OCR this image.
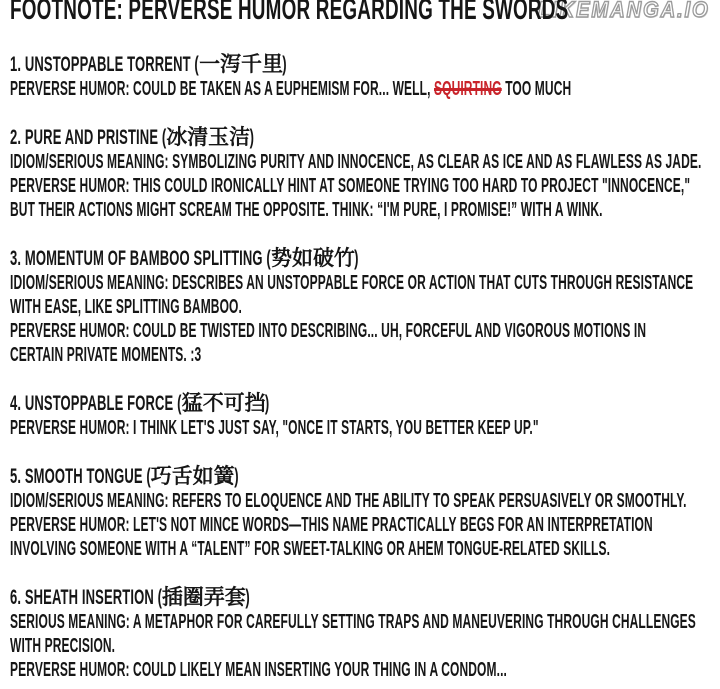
LIKEMANGA.IO
FOOTNOTE: PERVERSE HUMOR REGARDING THE SWORDS
1. UNSTOPPABLE TORRENT (一泻千里)
PERVERSE HUMOR: COULD BE TAKEN AS A EUPHEMISM FOR... WELL, SQUIRTING TOO MUCH
2. PURE AND PRISTINE (冰清玉洁)
IDIOM/SERIOUS MEANING: SYMBOLIZING PURITY AND INNOCENCE, AS CLEAR AS ICE AND AS FLAWLESS AS JADE.
PERVERSE HUMOR: THIS COULD IRONICALLY HINT AT SOMEONE TRYING TOO HARD TO PROJECT "INNOCENCE,"
BUT THEIR ACTIONS MIGHT SCREAM THE OPPOSITE. THINK: “I'M PURE, I PROMISE!” WITH A WINK.
3. MOMENTUM OF BAMBOO SPLITTING (势如破竹)
IDIOM/SERIOUS MEANING: DESCRIBES AN UNSTOPPABLE FORCE OR ACTION THAT CUTS THROUGH RESISTANCE
WITH EASE, LIKE SPLITTING BAMBOO.
PERVERSE HUMOR: COULD BE TWISTED INTO DESCRIBING... UH, FORCEFUL AND VIGOROUS MOTIONS IN
CERTAIN PRIVATE MOMENTS. :3
4. UNSTOPPABLE FORCE (猛不可挡)
PERVERSE HUMOR: I THINK LET'S JUST SAY, "ONCE IT STARTS, YOU BETTER KEEP UP."
5. SMOOTH TONGUE (巧舌如簧)
IDIOM/SERIOUS MEANING: REFERS TO ELOQUENCE AND THE ABILITY TO SPEAK PERSUASIVELY OR SMOOTHLY.
PERVERSE HUMOR: LET'S NOT MINCE WORDS—THIS NAME PRACTICALLY BEGS FOR AN INTERPRETATION
INVOLVING SOMEONE WITH A “TALENT” FOR SWEET-TALKING OR AHEM TONGUE-RELATED SKILLS.
6. SHEATH INSERTION (插圈弄套)
SERIOUS MEANING: A METAPHOR FOR CAREFULLY SETTING TRAPS AND MANEUVERING THROUGH CHALLENGES
WITH PRECISION.
PERVERSE HUMOR: COULD LIKELY MEAN INSERTING YOUR THING IN A CONDOM...
